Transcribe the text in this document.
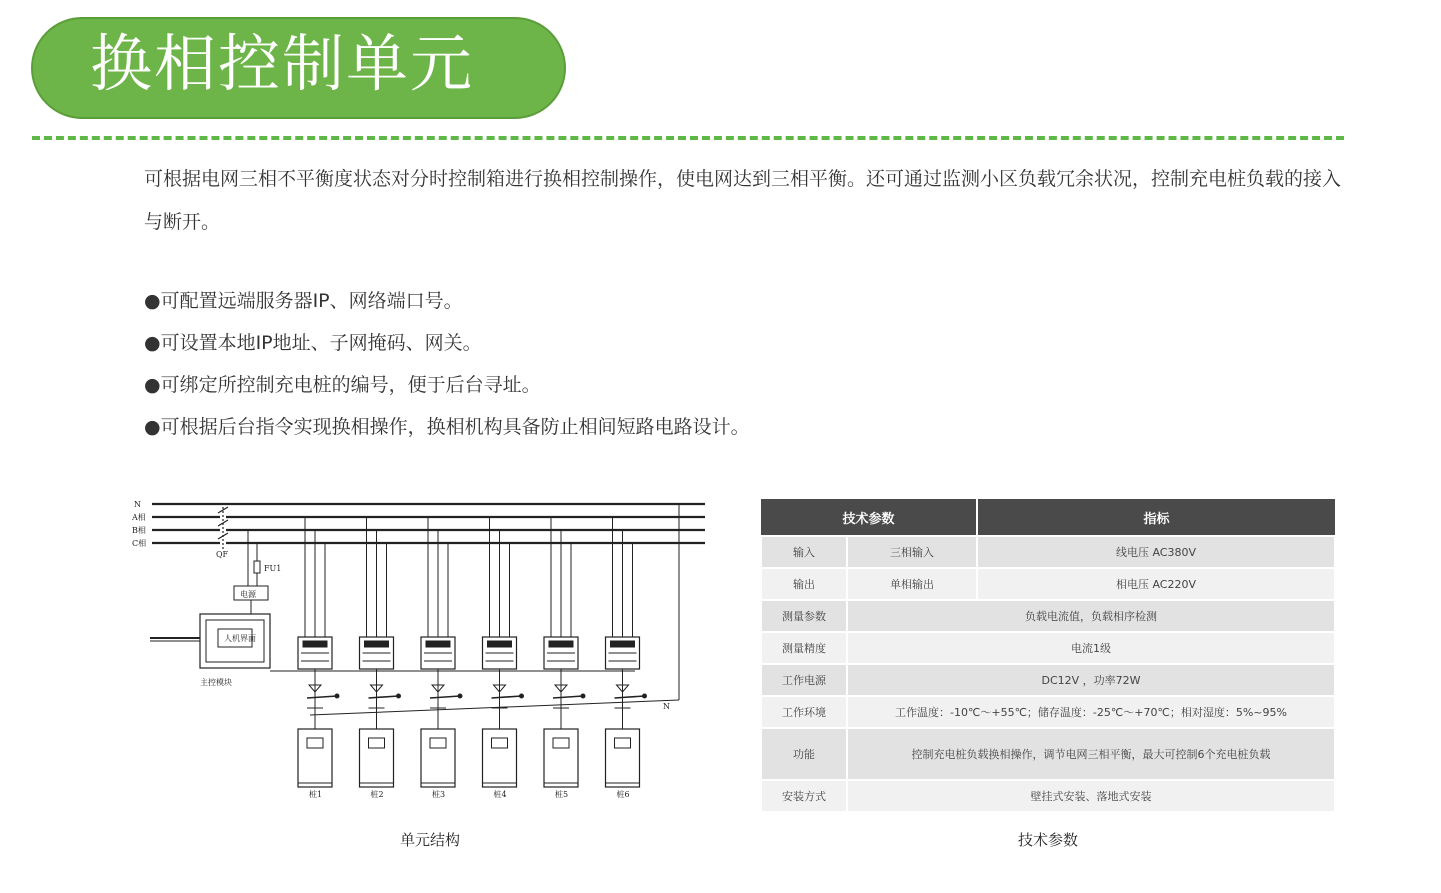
换相控制单元
可根据电网三相不平衡度状态对分时控制箱进行换相控制操作，使电网达到三相平衡。还可通过监测小区负载冗余状况，控制充电桩负载的接入与断开。
●可配置远端服务器IP、网络端口号。
●可设置本地IP地址、子网掩码、网关。
●可绑定所控制充电桩的编号，便于后台寻址。
●可根据后台指令实现换相操作，换相机构具备防止相间短路电路设计。
N
A相
B相
C相
QF
FU1
电源
人机界面
主控模块
桩1	桩2	桩3	桩4	桩5	桩6
N
单元结构
技术参数		指标
输入	三相输入	线电压 AC380V
输出	单相输出	相电压 AC220V
测量参数	负载电流值，负载相序检测	
测量精度	电流1级	
工作电源	DC12V ，功率72W	
工作环境	工作温度：-10℃～+55℃；储存温度：-25℃～+70℃；相对湿度：5%~95%	
功能	控制充电桩负载换相操作，调节电网三相平衡，最大可控制6个充电桩负载	
安装方式	壁挂式安装、落地式安装	
技术参数
